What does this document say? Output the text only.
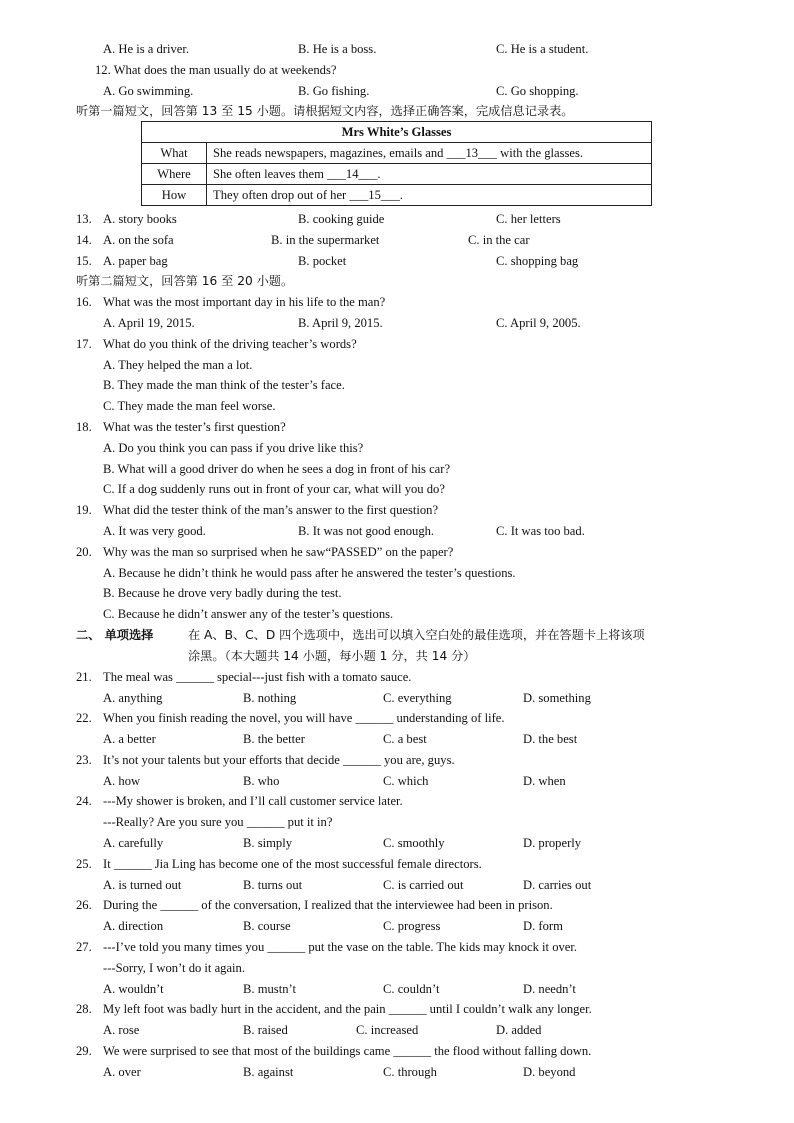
A. He is a driver.	B. He is a boss.	C. He is a student.
12. What does the man usually do at weekends?
A. Go swimming.	B. Go fishing.	C. Go shopping.
听第一篇短文，回答第 13 至 15 小题。请根据短文内容，选择正确答案，完成信息记录表。
Mrs White’s Glasses	
What	She reads newspapers, magazines, emails and ___13___ with the glasses.
Where	She often leaves them ___14___.
How	They often drop out of her ___15___.
13. A. story books	B. cooking guide	C. her letters
14. A. on the sofa	B. in the supermarket	C. in the car
15. A. paper bag	B. pocket	C. shopping bag
听第二篇短文，回答第 16 至 20 小题。
16. What was the most important day in his life to the man?
A. April 19, 2015.	B. April 9, 2015.	C. April 9, 2005.
17. What do you think of the driving teacher’s words?
A. They helped the man a lot.
B. They made the man think of the tester’s face.
C. They made the man feel worse.
18. What was the tester’s first question?
A. Do you think you can pass if you drive like this?
B. What will a good driver do when he sees a dog in front of his car?
C. If a dog suddenly runs out in front of your car, what will you do?
19. What did the tester think of the man’s answer to the first question?
A. It was very good.	B. It was not good enough.	C. It was too bad.
20. Why was the man so surprised when he saw“PASSED” on the paper?
A. Because he didn’t think he would pass after he answered the tester’s questions.
B. Because he drove very badly during the test.
C. Because he didn’t answer any of the tester’s questions.
二、 单项选择	在 A、B、C、D 四个选项中，选出可以填入空白处的最佳选项，并在答题卡上将该项
涂黑。（本大题共 14 小题，每小题 1 分，共 14 分）
21. The meal was ______ special---just fish with a tomato sauce.
A. anything	B. nothing	C. everything	D. something
22. When you finish reading the novel, you will have ______ understanding of life.
A. a better	B. the better	C. a best	D. the best
23. It’s not your talents but your efforts that decide ______ you are, guys.
A. how	B. who	C. which	D. when
24. ---My shower is broken, and I’ll call customer service later.
---Really? Are you sure you ______ put it in?
A. carefully	B. simply	C. smoothly	D. properly
25. It ______ Jia Ling has become one of the most successful female directors.
A. is turned out	B. turns out	C. is carried out	D. carries out
26. During the ______ of the conversation, I realized that the interviewee had been in prison.
A. direction	B. course	C. progress	D. form
27. ---I’ve told you many times you ______ put the vase on the table. The kids may knock it over.
---Sorry, I won’t do it again.
A. wouldn’t	B. mustn’t	C. couldn’t	D. needn’t
28. My left foot was badly hurt in the accident, and the pain ______ until I couldn’t walk any longer.
A. rose	B. raised	C. increased	D. added
29. We were surprised to see that most of the buildings came ______ the flood without falling down.
A. over	B. against	C. through	D. beyond
